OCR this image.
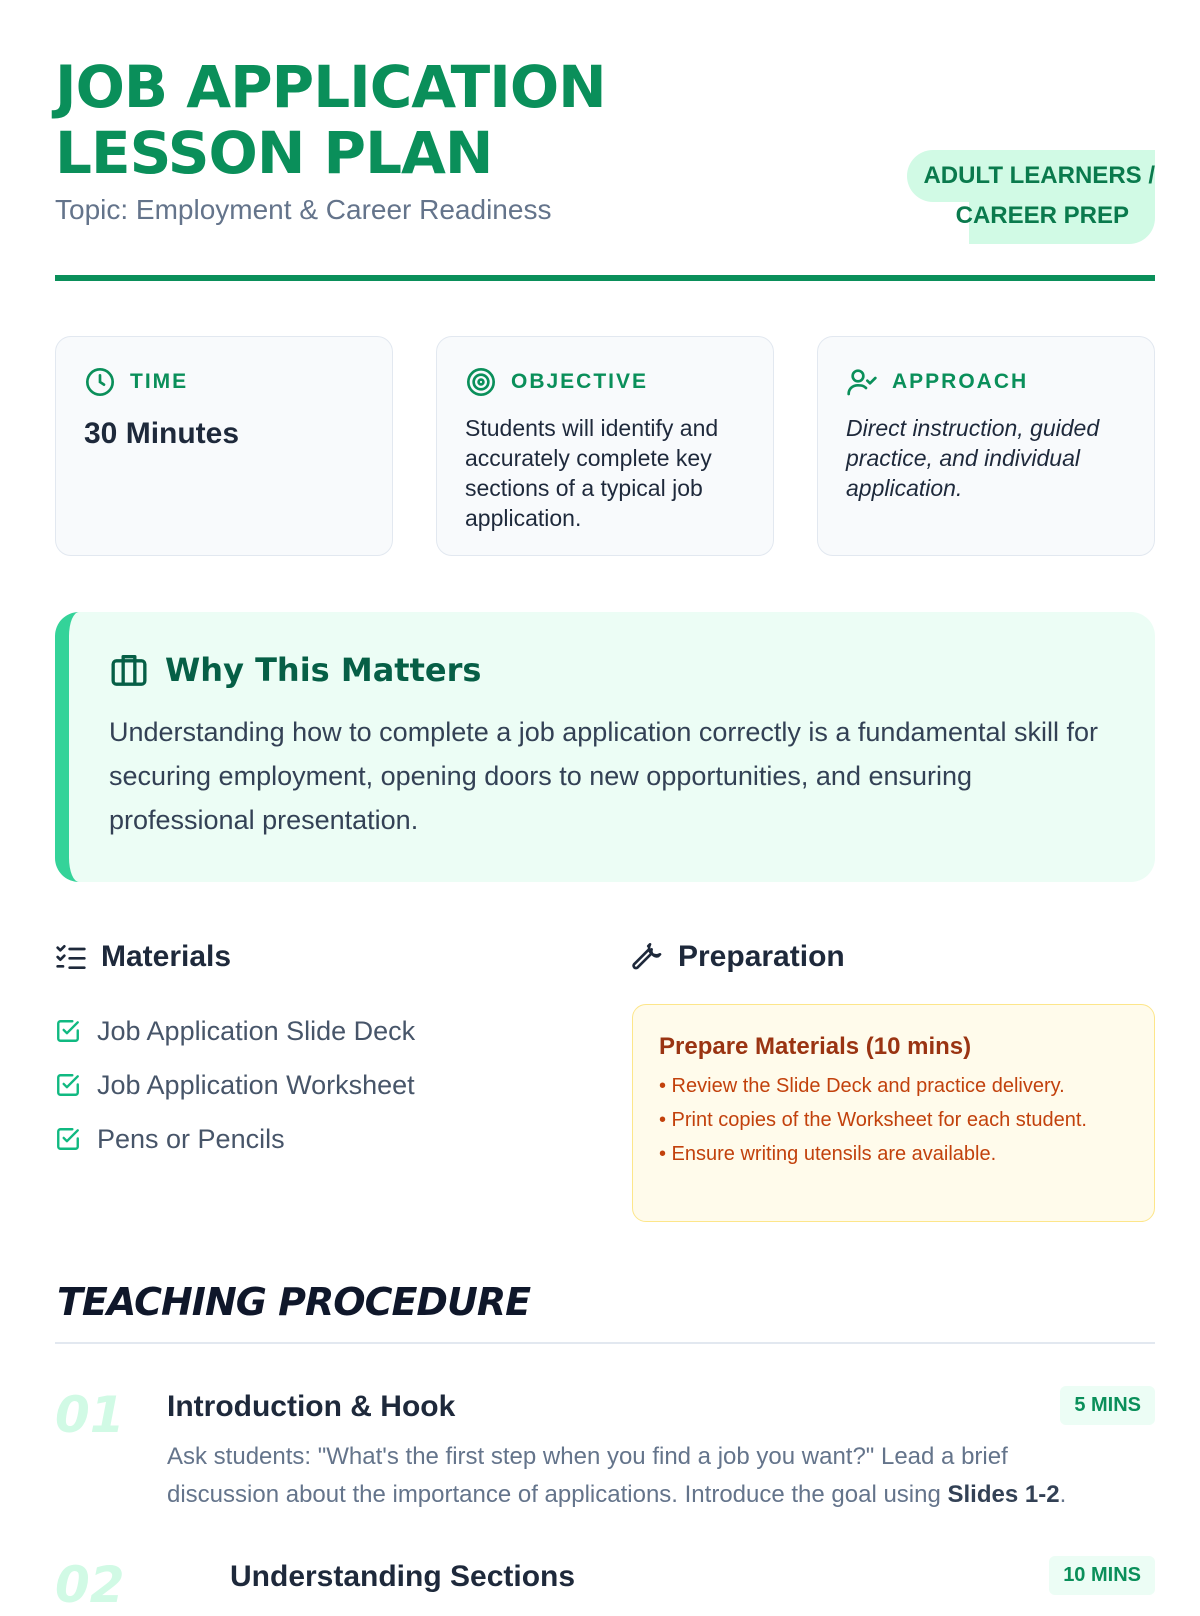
JOB APPLICATION
LESSON PLAN
Topic: Employment & Career Readiness
ADULT LEARNERS /
CAREER PREP
TIME
30 Minutes
OBJECTIVE
Students will identify and accurately complete key sections of a typical job application.
APPROACH
Direct instruction, guided practice, and individual application.
Why This Matters
Understanding how to complete a job application correctly is a fundamental skill for securing employment, opening doors to new opportunities, and ensuring professional presentation.
Materials
Job Application Slide Deck
Job Application Worksheet
Pens or Pencils
Preparation
Prepare Materials (10 mins)
• Review the Slide Deck and practice delivery.
• Print copies of the Worksheet for each student.
• Ensure writing utensils are available.
TEACHING PROCEDURE
01 Introduction & Hook	5 MINS
Ask students: "What's the first step when you find a job you want?" Lead a brief discussion about the importance of applications. Introduce the goal using Slides 1-2.
02	Understanding Sections	10 MINS
